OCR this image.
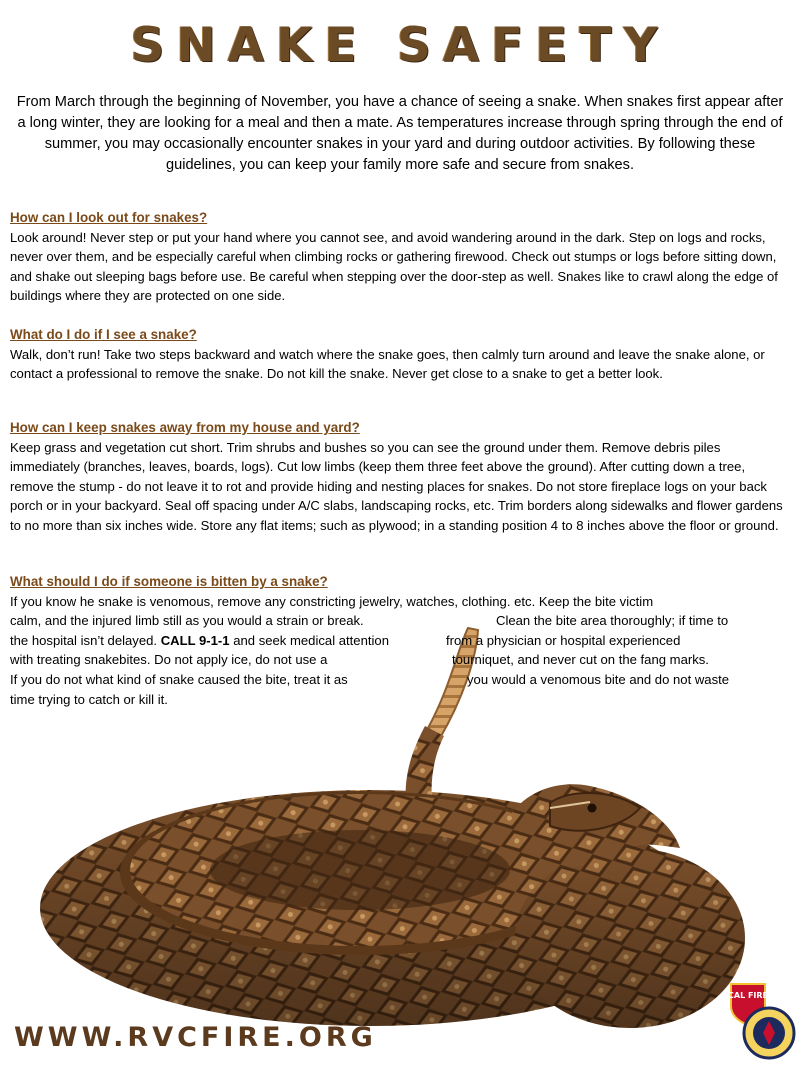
SNAKE SAFETY
From March through the beginning of November, you have a chance of seeing a snake. When snakes first appear after a long winter, they are looking for a meal and then a mate. As temperatures increase through spring through the end of summer, you may occasionally encounter snakes in your yard and during outdoor activities. By following these guidelines, you can keep your family more safe and secure from snakes.
How can I look out for snakes?

Look around! Never step or put your hand where you cannot see, and avoid wandering around in the dark. Step on logs and rocks, never over them, and be especially careful when climbing rocks or gathering firewood. Check out stumps or logs before sitting down, and shake out sleeping bags before use. Be careful when stepping over the door-step as well. Snakes like to crawl along the edge of buildings where they are protected on one side.

What do I do if I see a snake?

Walk, don’t run! Take two steps backward and watch where the snake goes, then calmly turn around and leave the snake alone, or contact a professional to remove the snake. Do not kill the snake. Never get close to a snake to get a better look.

How can I keep snakes away from my house and yard?

Keep grass and vegetation cut short. Trim shrubs and bushes so you can see the ground under them. Remove debris piles immediately (branches, leaves, boards, logs). Cut low limbs (keep them three feet above the ground). After cutting down a tree, remove the stump - do not leave it to rot and provide hiding and nesting places for snakes. Do not store fireplace logs on your back porch or in your backyard. Seal off spacing under A/C slabs, landscaping rocks, etc. Trim borders along sidewalks and flower gardens to no more than six inches wide. Store any flat items; such as plywood; in a standing position 4 to 8 inches above the floor or ground.

What should I do if someone is bitten by a snake?
If you know he snake is venomous, remove any constricting jewelry, watches, clothing. etc. Keep the bite victim
calm, and the injured limb still as you would a strain or break.	Clean the bite area thoroughly; if time to
the hospital isn’t delayed. CALL 9-1-1 and seek medical attention	from a physician or hospital experienced
with treating snakebites. Do not apply ice, do not use a	tourniquet, and never cut on the fang marks.
If you do not what kind of snake caused the bite, treat it as	you would a venomous bite and do not waste
time trying to catch or kill it.
WWW.RVCFIRE.ORG
CAL FIRE
